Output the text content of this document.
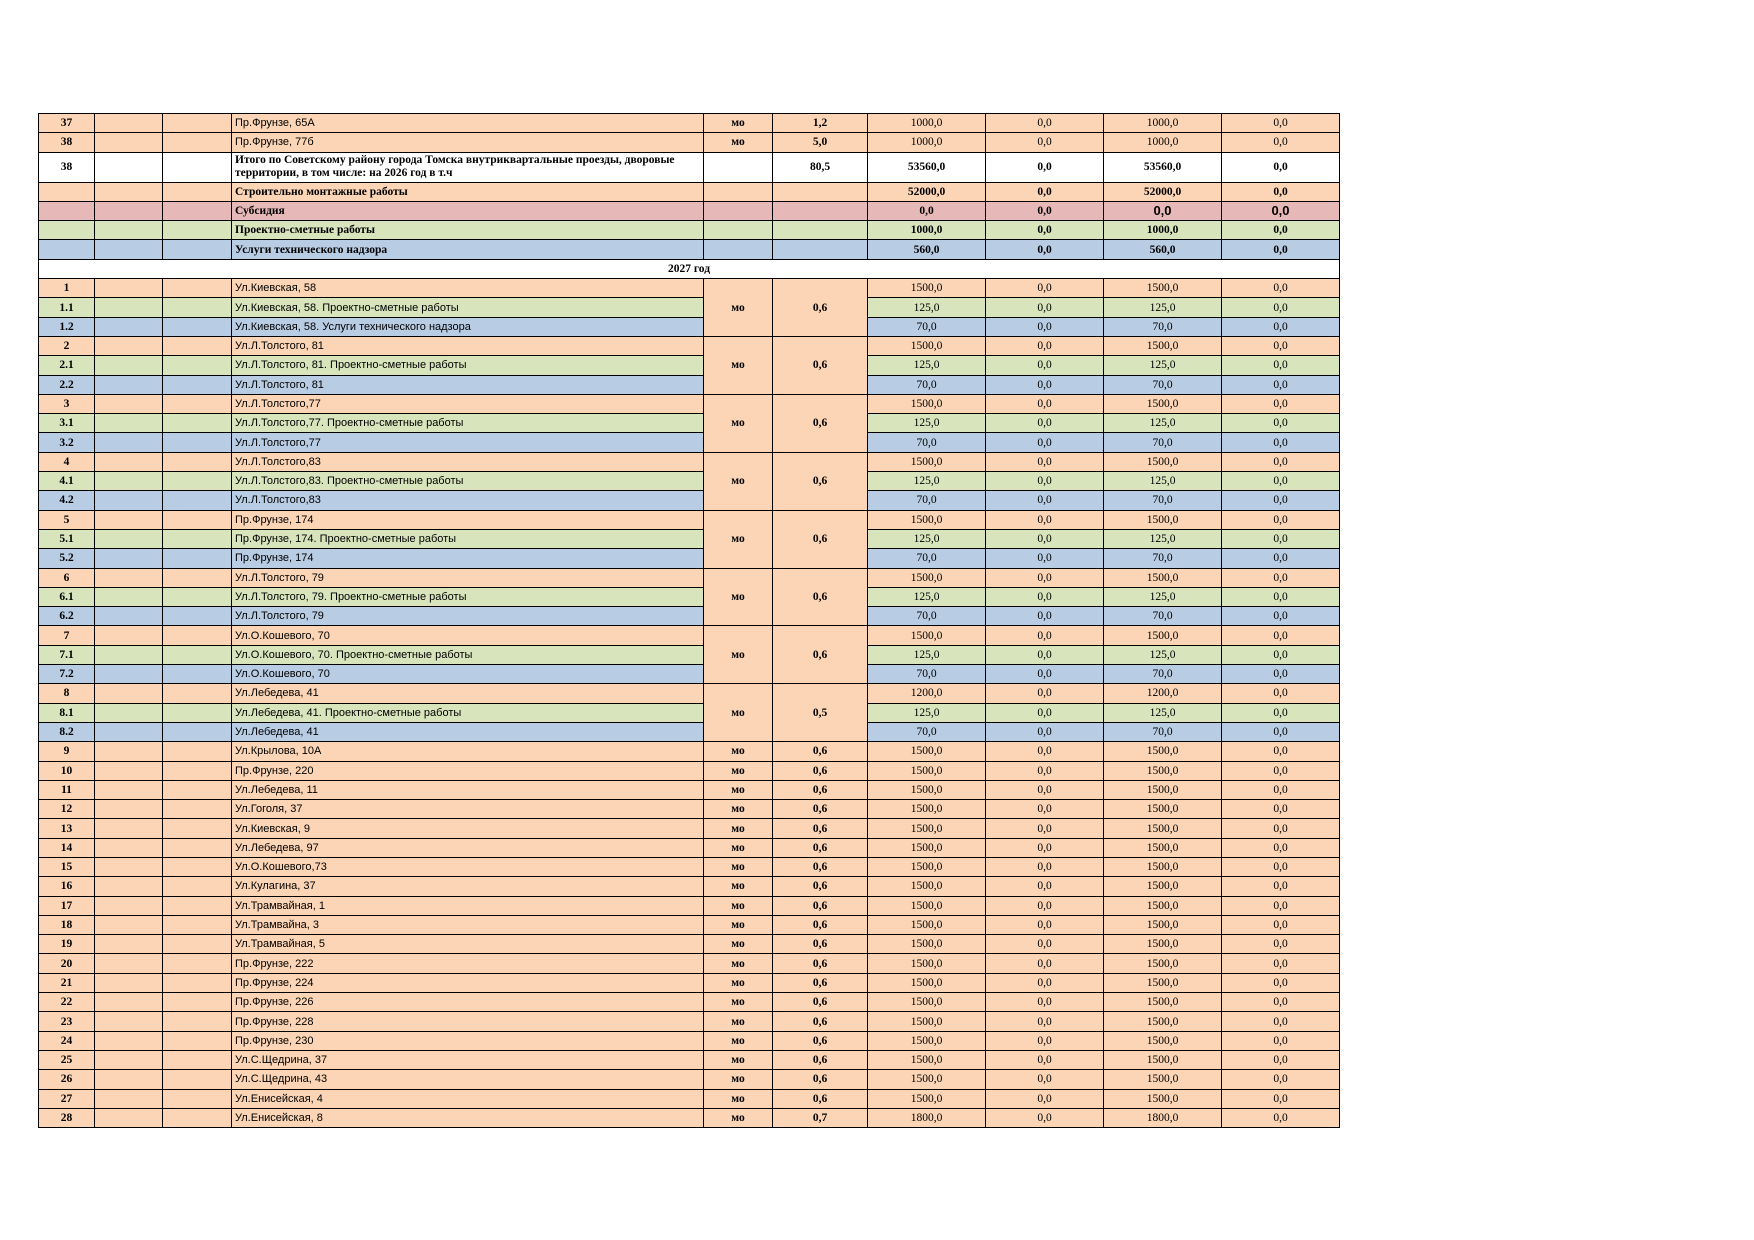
37			Пр.Фрунзе, 65А	мо	1,2	1000,0	0,0	1000,0	0,0
38			Пр.Фрунзе, 77б	мо	5,0	1000,0	0,0	1000,0	0,0
38			Итого по Советскому району города Томска внутриквартальные проезды, дворовые территории, в том числе: на 2026 год в т.ч		80,5	53560,0	0,0	53560,0	0,0
			Строительно монтажные работы			52000,0	0,0	52000,0	0,0
			Субсидия			0,0	0,0	0,0	0,0
			Проектно-сметные работы			1000,0	0,0	1000,0	0,0
			Услуги технического надзора			560,0	0,0	560,0	0,0
2027 год									
1			Ул.Киевская, 58	мо	0,6	1500,0	0,0	1500,0	0,0
1.1			Ул.Киевская, 58. Проектно-сметные работы			125,0	0,0	125,0	0,0
1.2			Ул.Киевская, 58. Услуги технического надзора			70,0	0,0	70,0	0,0
2			Ул.Л.Толстого, 81	мо	0,6	1500,0	0,0	1500,0	0,0
2.1			Ул.Л.Толстого, 81. Проектно-сметные работы			125,0	0,0	125,0	0,0
2.2			Ул.Л.Толстого, 81			70,0	0,0	70,0	0,0
3			Ул.Л.Толстого,77	мо	0,6	1500,0	0,0	1500,0	0,0
3.1			Ул.Л.Толстого,77. Проектно-сметные работы			125,0	0,0	125,0	0,0
3.2			Ул.Л.Толстого,77			70,0	0,0	70,0	0,0
4			Ул.Л.Толстого,83	мо	0,6	1500,0	0,0	1500,0	0,0
4.1			Ул.Л.Толстого,83. Проектно-сметные работы			125,0	0,0	125,0	0,0
4.2			Ул.Л.Толстого,83			70,0	0,0	70,0	0,0
5			Пр.Фрунзе, 174	мо	0,6	1500,0	0,0	1500,0	0,0
5.1			Пр.Фрунзе, 174. Проектно-сметные работы			125,0	0,0	125,0	0,0
5.2			Пр.Фрунзе, 174			70,0	0,0	70,0	0,0
6			Ул.Л.Толстого, 79	мо	0,6	1500,0	0,0	1500,0	0,0
6.1			Ул.Л.Толстого, 79. Проектно-сметные работы			125,0	0,0	125,0	0,0
6.2			Ул.Л.Толстого, 79			70,0	0,0	70,0	0,0
7			Ул.О.Кошевого, 70	мо	0,6	1500,0	0,0	1500,0	0,0
7.1			Ул.О.Кошевого, 70. Проектно-сметные работы			125,0	0,0	125,0	0,0
7.2			Ул.О.Кошевого, 70			70,0	0,0	70,0	0,0
8			Ул.Лебедева, 41	мо	0,5	1200,0	0,0	1200,0	0,0
8.1			Ул.Лебедева, 41. Проектно-сметные работы			125,0	0,0	125,0	0,0
8.2			Ул.Лебедева, 41			70,0	0,0	70,0	0,0
9			Ул.Крылова, 10А	мо	0,6	1500,0	0,0	1500,0	0,0
10			Пр.Фрунзе, 220	мо	0,6	1500,0	0,0	1500,0	0,0
11			Ул.Лебедева, 11	мо	0,6	1500,0	0,0	1500,0	0,0
12			Ул.Гоголя, 37	мо	0,6	1500,0	0,0	1500,0	0,0
13			Ул.Киевская, 9	мо	0,6	1500,0	0,0	1500,0	0,0
14			Ул.Лебедева, 97	мо	0,6	1500,0	0,0	1500,0	0,0
15			Ул.О.Кошевого,73	мо	0,6	1500,0	0,0	1500,0	0,0
16			Ул.Кулагина, 37	мо	0,6	1500,0	0,0	1500,0	0,0
17			Ул.Трамвайная, 1	мо	0,6	1500,0	0,0	1500,0	0,0
18			Ул.Трамвайна, 3	мо	0,6	1500,0	0,0	1500,0	0,0
19			Ул.Трамвайная, 5	мо	0,6	1500,0	0,0	1500,0	0,0
20			Пр.Фрунзе, 222	мо	0,6	1500,0	0,0	1500,0	0,0
21			Пр.Фрунзе, 224	мо	0,6	1500,0	0,0	1500,0	0,0
22			Пр.Фрунзе, 226	мо	0,6	1500,0	0,0	1500,0	0,0
23			Пр.Фрунзе, 228	мо	0,6	1500,0	0,0	1500,0	0,0
24			Пр.Фрунзе, 230	мо	0,6	1500,0	0,0	1500,0	0,0
25			Ул.С.Щедрина, 37	мо	0,6	1500,0	0,0	1500,0	0,0
26			Ул.С.Щедрина, 43	мо	0,6	1500,0	0,0	1500,0	0,0
27			Ул.Енисейская, 4	мо	0,6	1500,0	0,0	1500,0	0,0
28			Ул.Енисейская, 8	мо	0,7	1800,0	0,0	1800,0	0,0
